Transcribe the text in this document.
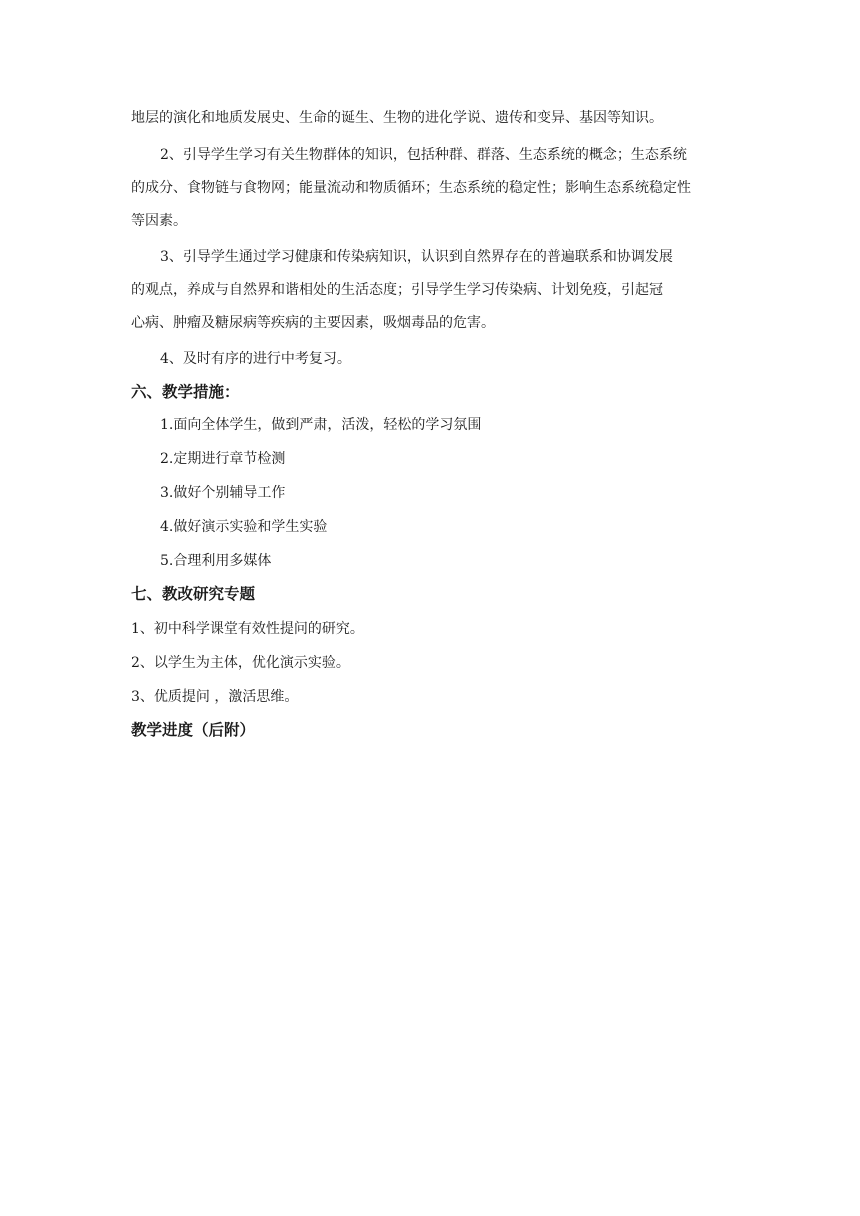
地层的演化和地质发展史、生命的诞生、生物的进化学说、遗传和变异、基因等知识。
2、引导学生学习有关生物群体的知识，包括种群、群落、生态系统的概念；生态系统
的成分、食物链与食物网；能量流动和物质循环；生态系统的稳定性；影响生态系统稳定性
等因素。
3、引导学生通过学习健康和传染病知识，认识到自然界存在的普遍联系和协调发展
的观点，养成与自然界和谐相处的生活态度；引导学生学习传染病、计划免疫，引起冠
心病、肿瘤及糖尿病等疾病的主要因素，吸烟毒品的危害。
4、及时有序的进行中考复习。
六、教学措施：
1.面向全体学生，做到严肃，活泼，轻松的学习氛围
2.定期进行章节检测
3.做好个别辅导工作
4.做好演示实验和学生实验
5.合理利用多媒体
七、教改研究专题
1、初中科学课堂有效性提问的研究。
2、以学生为主体，优化演示实验。
3、优质提问 ，激活思维。
教学进度（后附）
